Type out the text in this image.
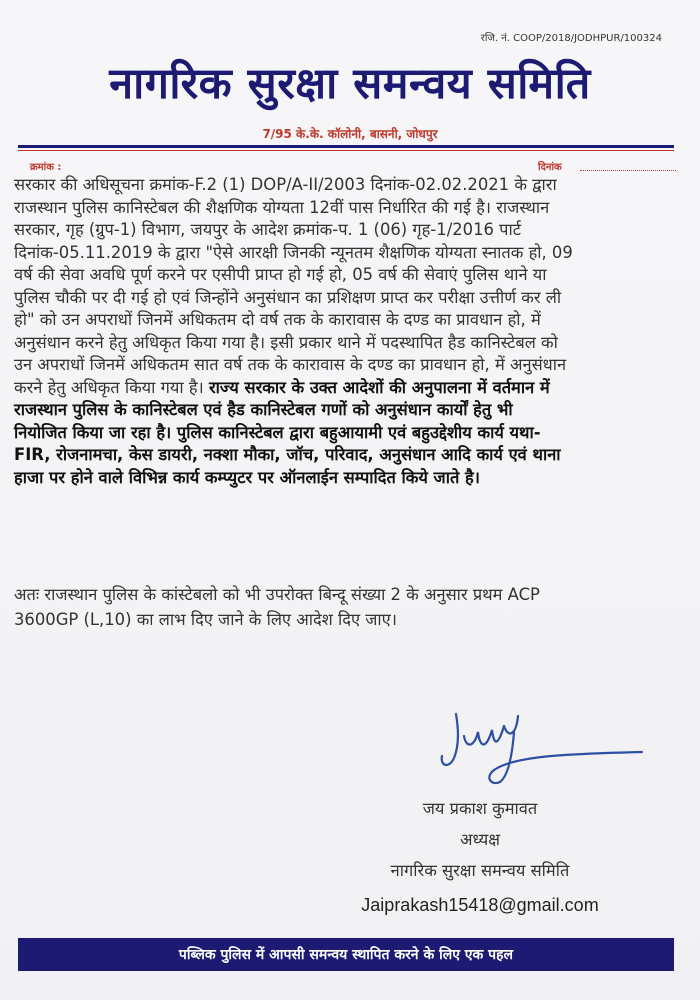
रजि. नं. COOP/2018/JODHPUR/100324
नागरिक सुरक्षा समन्वय समिति
7/95 के.के. कॉलोनी, बासनी, जोधपुर
क्रमांक :	दिनांक
सरकार की अधिसूचना क्रमांक-F.2 (1) DOP/A-II/2003 दिनांक-02.02.2021 के द्वारा
राजस्थान पुलिस कानिस्टेबल की शैक्षणिक योग्यता 12वीं पास निर्धारित की गई है। राजस्थान
सरकार, गृह (ग्रुप-1) विभाग, जयपुर के आदेश क्रमांक-प. 1 (06) गृह-1/2016 पार्ट
दिनांक-05.11.2019 के द्वारा "ऐसे आरक्षी जिनकी न्यूनतम शैक्षणिक योग्यता स्नातक हो, 09
वर्ष की सेवा अवधि पूर्ण करने पर एसीपी प्राप्त हो गई हो, 05 वर्ष की सेवाएं पुलिस थाने या
पुलिस चौकी पर दी गई हो एवं जिन्होंने अनुसंधान का प्रशिक्षण प्राप्त कर परीक्षा उत्तीर्ण कर ली
हो" को उन अपराधों जिनमें अधिकतम दो वर्ष तक के कारावास के दण्ड का प्रावधान हो, में
अनुसंधान करने हेतु अधिकृत किया गया है। इसी प्रकार थाने में पदस्थापित हैड कानिस्टेबल को
उन अपराधों जिनमें अधिकतम सात वर्ष तक के कारावास के दण्ड का प्रावधान हो, में अनुसंधान
करने हेतु अधिकृत किया गया है। राज्य सरकार के उक्त आदेशों की अनुपालना में वर्तमान में
राजस्थान पुलिस के कानिस्टेबल एवं हैड कानिस्टेबल गणों को अनुसंधान कार्यों हेतु भी
नियोजित किया जा रहा है। पुलिस कानिस्टेबल द्वारा बहुआयामी एवं बहुउद्देशीय कार्य यथा-
FIR, रोजनामचा, केस डायरी, नक्शा मौका, जॉच, परिवाद, अनुसंधान आदि कार्य एवं थाना
हाजा पर होने वाले विभिन्न कार्य कम्प्युटर पर ऑनलाईन सम्पादित किये जाते है।
अतः राजस्थान पुलिस के कांस्टेबलो को भी उपरोक्त बिन्दू संख्या 2 के अनुसार प्रथम ACP
3600GP (L,10) का लाभ दिए जाने के लिए आदेश दिए जाए।
जय प्रकाश कुमावत
अध्यक्ष
नागरिक सुरक्षा समन्वय समिति
Jaiprakash15418@gmail.com
पब्लिक पुलिस में आपसी समन्वय स्थापित करने के लिए एक पहल
